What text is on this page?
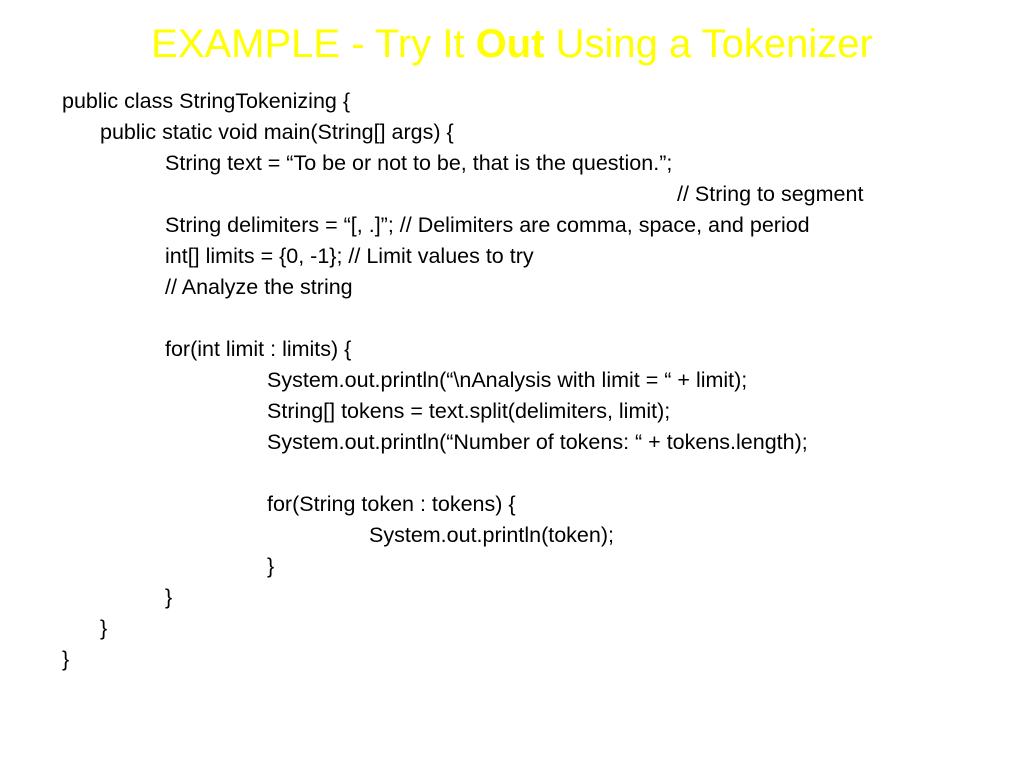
EXAMPLE - Try It Out Using a Tokenizer
public class StringTokenizing {
public static void main(String[] args) {
String text = “To be or not to be, that is the question.”;
// String to segment
String delimiters = “[, .]”; // Delimiters are comma, space, and period
int[] limits = {0, -1}; // Limit values to try
// Analyze the string
for(int limit : limits) {
System.out.println(“\nAnalysis with limit = “ + limit);
String[] tokens = text.split(delimiters, limit);
System.out.println(“Number of tokens: “ + tokens.length);
for(String token : tokens) {
System.out.println(token);
}
}
}
}
